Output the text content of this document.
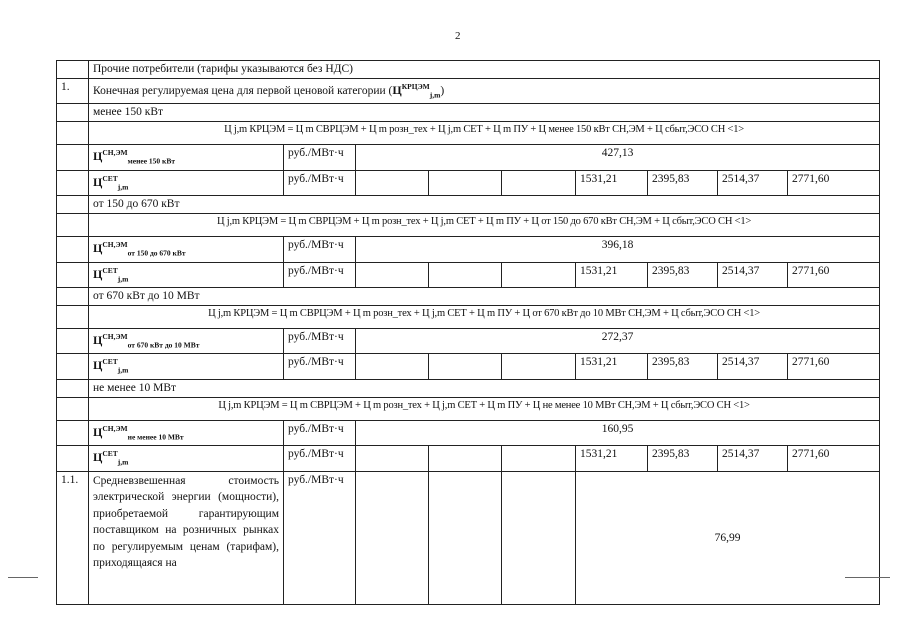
2
	Прочие потребители (тарифы указываются без НДС)								
1.	Конечная регулируемая цена для первой ценовой категории $(Ц^{КРЦЭМ}_{j,m})$								
	менее 150 кВт								
	Ц j,m КРЦЭМ = Ц m СВРЦЭМ + Ц m розн_тех + Ц j,m СЕТ + Ц m ПУ + Ц менее 150 кВт СН,ЭМ + Ц сбыт,ЭСО СН <1>								
	$Ц^{СН,ЭМ}_{менее 150 кВт}$	руб./МВт·ч	427,13						
	$Ц^{СЕТ}_{j,m}$	руб./МВт·ч				1531,21	2395,83	2514,37	2771,60
	от 150 до 670 кВт								
	Ц j,m КРЦЭМ = Ц m СВРЦЭМ + Ц m розн_тех + Ц j,m СЕТ + Ц m ПУ + Ц от 150 до 670 кВт СН,ЭМ + Ц сбыт,ЭСО СН <1>								
	$Ц^{СН,ЭМ}_{от 150 до 670 кВт}$	руб./МВт·ч	396,18						
	$Ц^{СЕТ}_{j,m}$	руб./МВт·ч				1531,21	2395,83	2514,37	2771,60
	от 670 кВт до 10 МВт								
	Ц j,m КРЦЭМ = Ц m СВРЦЭМ + Ц m розн_тех + Ц j,m СЕТ + Ц m ПУ + Ц от 670 кВт до 10 МВт СН,ЭМ + Ц сбыт,ЭСО СН <1>								
	$Ц^{СН,ЭМ}_{от 670 кВт до 10 МВт}$	руб./МВт·ч	272,37						
	$Ц^{СЕТ}_{j,m}$	руб./МВт·ч				1531,21	2395,83	2514,37	2771,60
	не менее 10 МВт								
	Ц j,m КРЦЭМ = Ц m СВРЦЭМ + Ц m розн_тех + Ц j,m СЕТ + Ц m ПУ + Ц не менее 10 МВт СН,ЭМ + Ц сбыт,ЭСО СН <1>								
	$Ц^{СН,ЭМ}_{не менее 10 МВт}$	руб./МВт·ч	160,95						
	$Ц^{СЕТ}_{j,m}$	руб./МВт·ч				1531,21	2395,83	2514,37	2771,60
1.1.	Средневзвешенная стоимость электрической энергии (мощности), приобретаемой гарантирующим поставщиком на розничных рынках по регулируемым ценам (тарифам), приходящаяся на	руб./МВт·ч				76,99			
